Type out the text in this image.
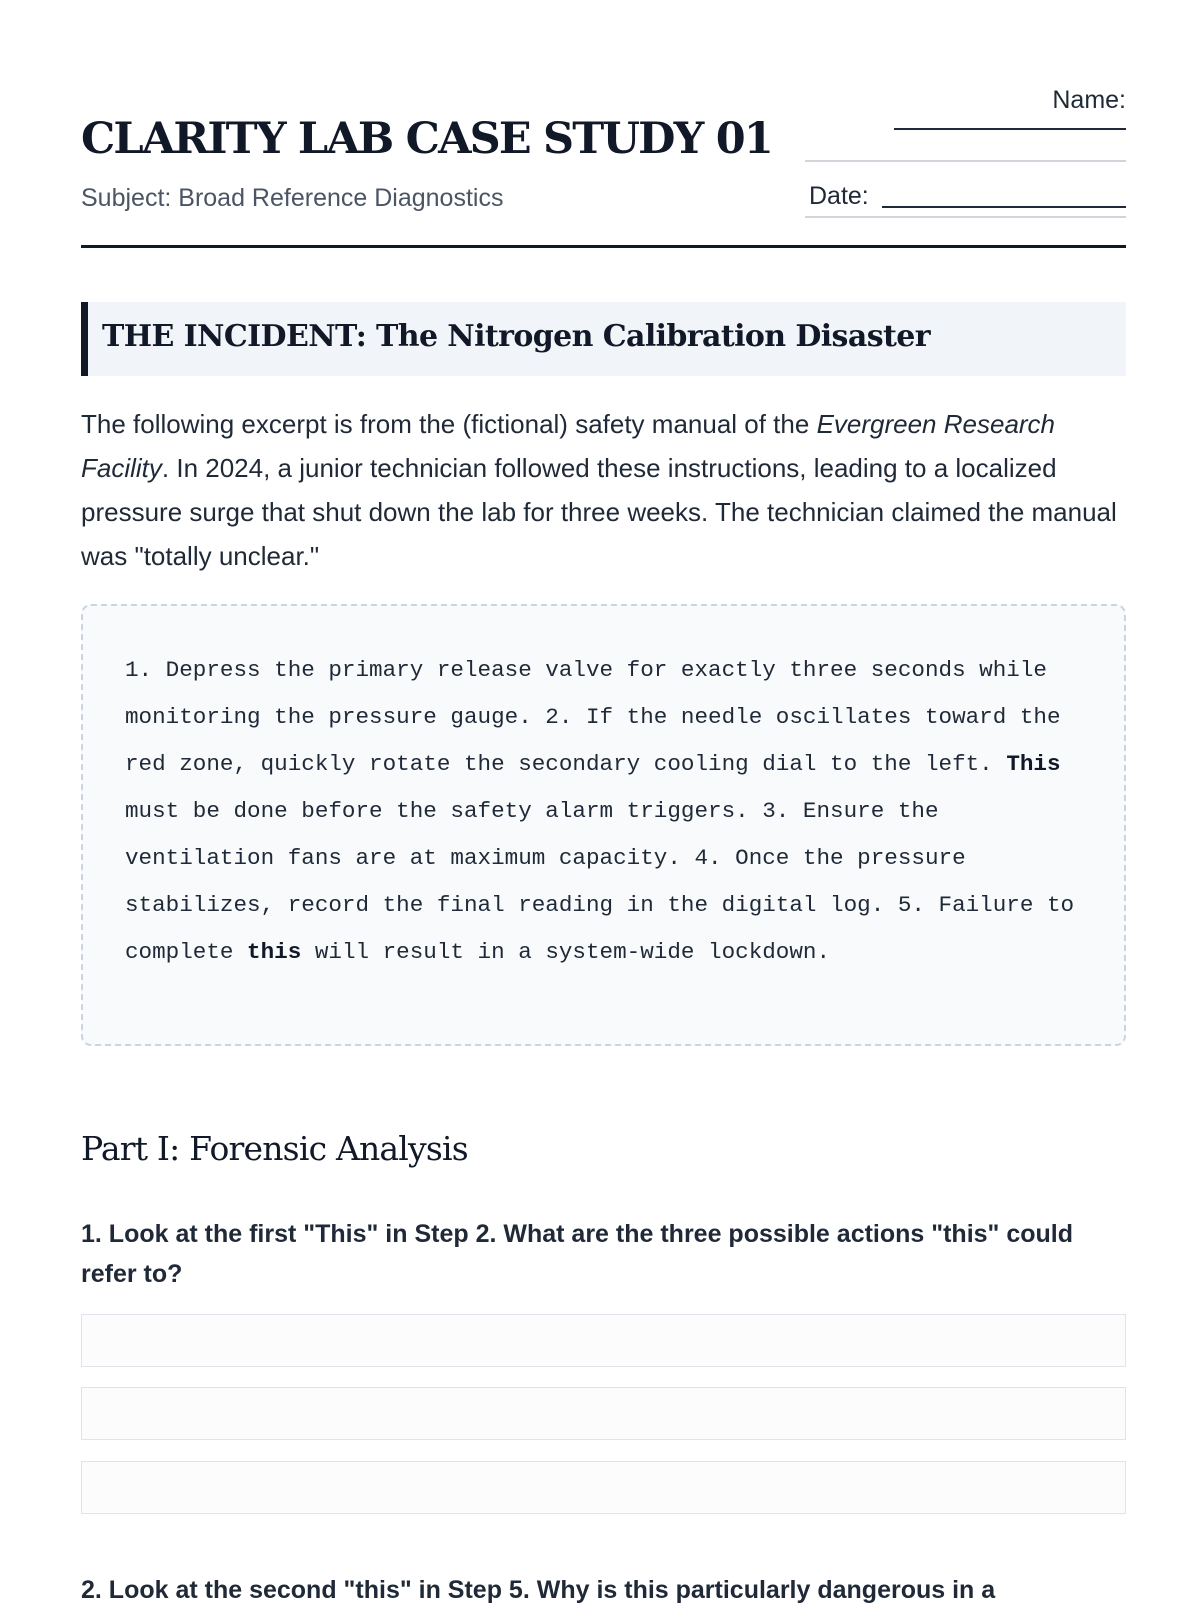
CLARITY LAB CASE STUDY 01
Subject: Broad Reference Diagnostics
Name:
Date:
THE INCIDENT: The Nitrogen Calibration Disaster

The following excerpt is from the (fictional) safety manual of the Evergreen Research Facility. In 2024, a junior technician followed these instructions, leading to a localized pressure surge that shut down the lab for three weeks. The technician claimed the manual was "totally unclear."

1. Depress the primary release valve for exactly three seconds while monitoring the pressure gauge. 2. If the needle oscillates toward the red zone, quickly rotate the secondary cooling dial to the left. This must be done before the safety alarm triggers. 3. Ensure the ventilation fans are at maximum capacity. 4. Once the pressure stabilizes, record the final reading in the digital log. 5. Failure to complete this will result in a system-wide lockdown.

Part I: Forensic Analysis

1. Look at the first "This" in Step 2. What are the three possible actions "this" could refer to?

2. Look at the second "this" in Step 5. Why is this particularly dangerous in a
